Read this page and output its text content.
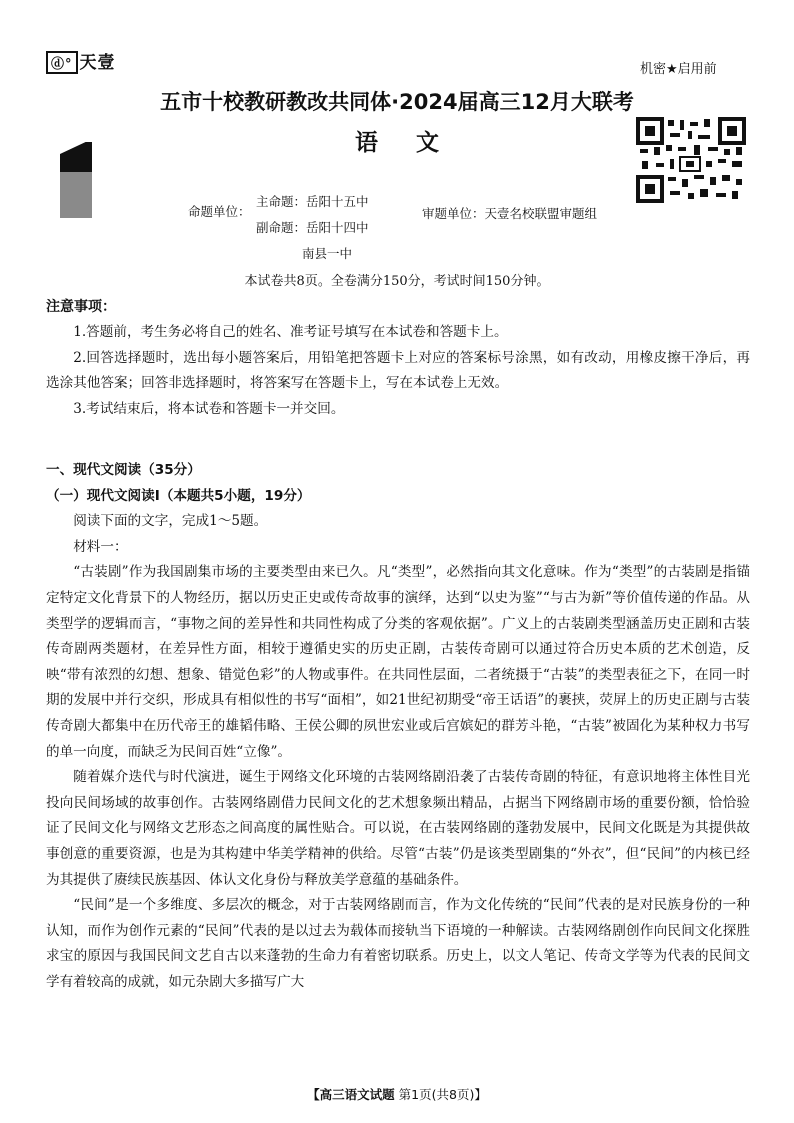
ⓓ° 天壹	机密★启用前
五市十校教研教改共同体·2024届高三12月大联考
语文
命题单位：
主命题：岳阳十五中
副命题：岳阳十四中
南县一中
审题单位：天壹名校联盟审题组
本试卷共8页。全卷满分150分，考试时间150分钟。
注意事项：

1.答题前，考生务必将自己的姓名、准考证号填写在本试卷和答题卡上。

2.回答选择题时，选出每小题答案后，用铅笔把答题卡上对应的答案标号涂黑，如有改动，用橡皮擦干净后，再选涂其他答案；回答非选择题时，将答案写在答题卡上，写在本试卷上无效。

3.考试结束后，将本试卷和答题卡一并交回。

一、现代文阅读（35分）

（一）现代文阅读Ⅰ（本题共5小题，19分）

阅读下面的文字，完成1～5题。

材料一：

“古装剧”作为我国剧集市场的主要类型由来已久。凡“类型”，必然指向其文化意味。作为“类型”的古装剧是指锚定特定文化背景下的人物经历，据以历史正史或传奇故事的演绎，达到“以史为鉴”“与古为新”等价值传递的作品。从类型学的逻辑而言，“事物之间的差异性和共同性构成了分类的客观依据”。广义上的古装剧类型涵盖历史正剧和古装传奇剧两类题材，在差异性方面，相较于遵循史实的历史正剧，古装传奇剧可以通过符合历史本质的艺术创造，反映“带有浓烈的幻想、想象、错觉色彩”的人物或事件。在共同性层面，二者统摄于“古装”的类型表征之下，在同一时期的发展中并行交织，形成具有相似性的书写“面相”，如21世纪初期受“帝王话语”的裹挟，荧屏上的历史正剧与古装传奇剧大都集中在历代帝王的雄韬伟略、王侯公卿的夙世宏业或后宫嫔妃的群芳斗艳，“古装”被固化为某种权力书写的单一向度，而缺乏为民间百姓“立像”。

随着媒介迭代与时代演进，诞生于网络文化环境的古装网络剧沿袭了古装传奇剧的特征，有意识地将主体性目光投向民间场域的故事创作。古装网络剧借力民间文化的艺术想象频出精品，占据当下网络剧市场的重要份额，恰恰验证了民间文化与网络文艺形态之间高度的属性贴合。可以说，在古装网络剧的蓬勃发展中，民间文化既是为其提供故事创意的重要资源，也是为其构建中华美学精神的供给。尽管“古装”仍是该类型剧集的“外衣”，但“民间”的内核已经为其提供了赓续民族基因、体认文化身份与释放美学意蕴的基础条件。

“民间”是一个多维度、多层次的概念，对于古装网络剧而言，作为文化传统的“民间”代表的是对民族身份的一种认知，而作为创作元素的“民间”代表的是以过去为载体而接轨当下语境的一种解读。古装网络剧创作向民间文化探胜求宝的原因与我国民间文艺自古以来蓬勃的生命力有着密切联系。历史上，以文人笔记、传奇文学等为代表的民间文学有着较高的成就，如元杂剧大多描写广大

【高三语文试题 第1页(共8页)】
